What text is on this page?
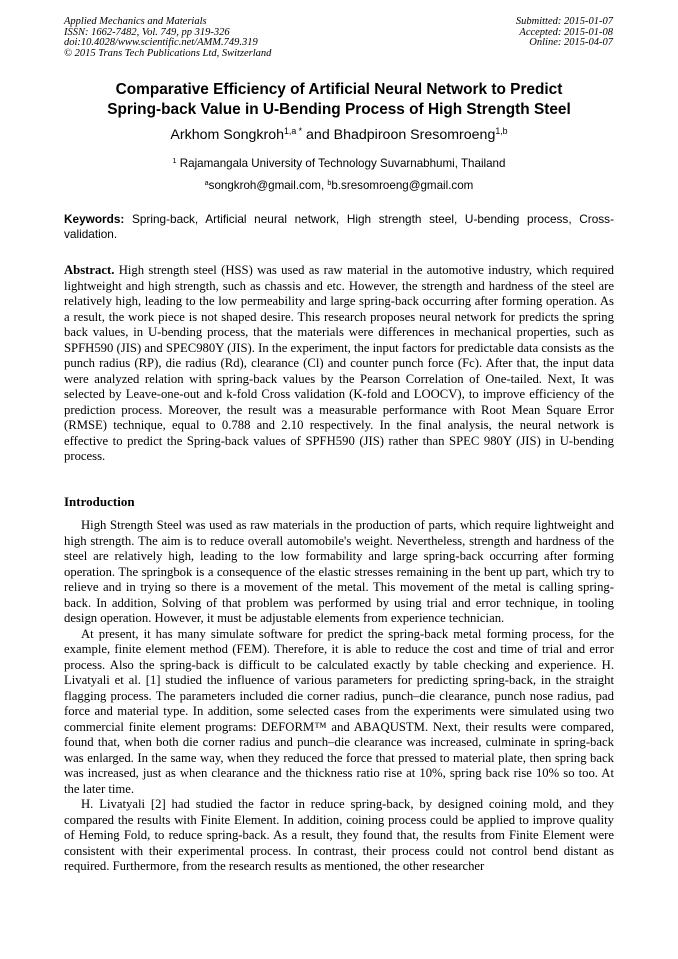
Applied Mechanics and Materials
ISSN: 1662-7482, Vol. 749, pp 319-326
doi:10.4028/www.scientific.net/AMM.749.319
© 2015 Trans Tech Publications Ltd, Switzerland
Submitted: 2015-01-07
Accepted: 2015-01-08
Online: 2015-04-07
Comparative Efficiency of Artificial Neural Network to Predict
Spring-back Value in U-Bending Process of High Strength Steel
Arkhom Songkroh$^{1,a *}$ and Bhadpiroon Sresomroeng$^{1,b}$
$^1$ Rajamangala University of Technology Suvarnabhumi, Thailand
$^a$songkroh@gmail.com, $^b$b.sresomroeng@gmail.com
Keywords: Spring-back, Artificial neural network, High strength steel, U-bending process, Cross-validation.
Abstract. High strength steel (HSS) was used as raw material in the automotive industry, which required lightweight and high strength, such as chassis and etc. However, the strength and hardness of the steel are relatively high, leading to the low permeability and large spring-back occurring after forming operation. As a result, the work piece is not shaped desire. This research proposes neural network for predicts the spring back values, in U-bending process, that the materials were differences in mechanical properties, such as SPFH590 (JIS) and SPEC980Y (JIS). In the experiment, the input factors for predictable data consists as the punch radius (RP), die radius (Rd), clearance (Cl) and counter punch force (Fc). After that, the input data were analyzed relation with spring-back values by the Pearson Correlation of One-tailed. Next, It was selected by Leave-one-out and k-fold Cross validation (K-fold and LOOCV), to improve efficiency of the prediction process. Moreover, the result was a measurable performance with Root Mean Square Error (RMSE) technique, equal to 0.788 and 2.10 respectively. In the final analysis, the neural network is effective to predict the Spring-back values of SPFH590 (JIS) rather than SPEC 980Y (JIS) in U-bending process.
Introduction

High Strength Steel was used as raw materials in the production of parts, which require lightweight and high strength. The aim is to reduce overall automobile's weight. Nevertheless, strength and hardness of the steel are relatively high, leading to the low formability and large spring-back occurring after forming operation. The springbok is a consequence of the elastic stresses remaining in the bent up part, which try to relieve and in trying so there is a movement of the metal. This movement of the metal is calling spring-back. In addition, Solving of that problem was performed by using trial and error technique, in tooling design operation. However, it must be adjustable elements from experience technician.

At present, it has many simulate software for predict the spring-back metal forming process, for the example, finite element method (FEM). Therefore, it is able to reduce the cost and time of trial and error process. Also the spring-back is difficult to be calculated exactly by table checking and experience. H. Livatyali et al. [1] studied the influence of various parameters for predicting spring-back, in the straight flagging process. The parameters included die corner radius, punch–die clearance, punch nose radius, pad force and material type. In addition, some selected cases from the experiments were simulated using two commercial finite element programs: DEFORM™ and ABAQUSTM. Next, their results were compared, found that, when both die corner radius and punch–die clearance was increased, culminate in spring-back was enlarged. In the same way, when they reduced the force that pressed to material plate, then spring back was increased, just as when clearance and the thickness ratio rise at 10%, spring back rise 10% so too. At the later time.

H. Livatyali [2] had studied the factor in reduce spring-back, by designed coining mold, and they compared the results with Finite Element. In addition, coining process could be applied to improve quality of Heming Fold, to reduce spring-back. As a result, they found that, the results from Finite Element were consistent with their experimental process. In contrast, their process could not control bend distant as required. Furthermore, from the research results as mentioned, the other researcher
